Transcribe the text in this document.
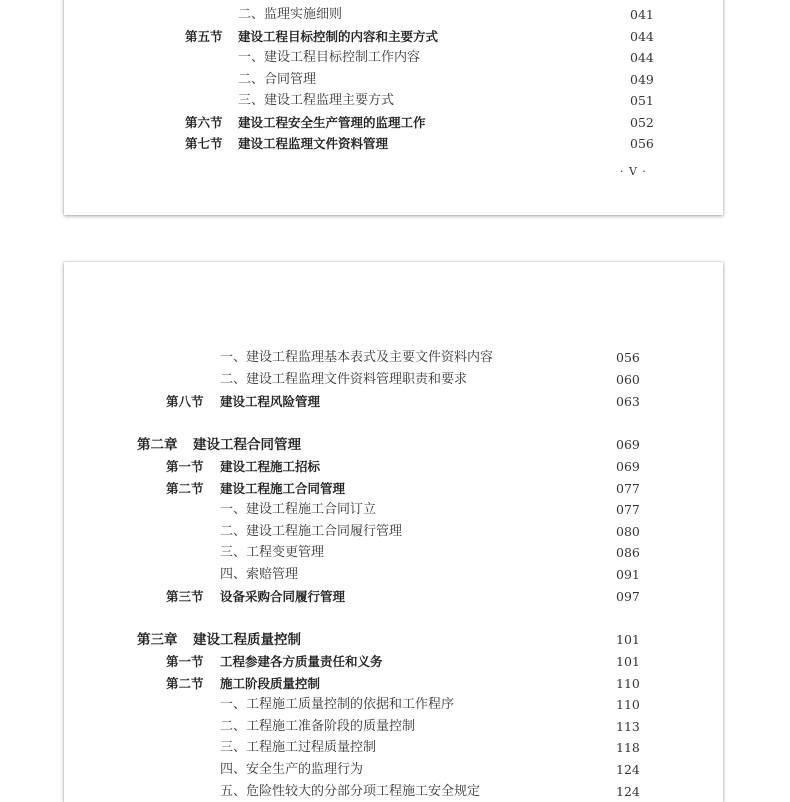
二、监理实施细则	041
第五节 建设工程目标控制的内容和主要方式	044
一、建设工程目标控制工作内容	044
二、合同管理	049
三、建设工程监理主要方式	051
第六节 建设工程安全生产管理的监理工作	052
第七节 建设工程监理文件资料管理	056
· V ·
一、建设工程监理基本表式及主要文件资料内容	056
二、建设工程监理文件资料管理职责和要求	060
第八节 建设工程风险管理	063
第二章 建设工程合同管理	069
第一节 建设工程施工招标	069
第二节 建设工程施工合同管理	077
一、建设工程施工合同订立	077
二、建设工程施工合同履行管理	080
三、工程变更管理	086
四、索赔管理	091
第三节 设备采购合同履行管理	097
第三章 建设工程质量控制	101
第一节 工程参建各方质量责任和义务	101
第二节 施工阶段质量控制	110
一、工程施工质量控制的依据和工作程序	110
二、工程施工准备阶段的质量控制	113
三、工程施工过程质量控制	118
四、安全生产的监理行为	124
五、危险性较大的分部分项工程施工安全规定	124
